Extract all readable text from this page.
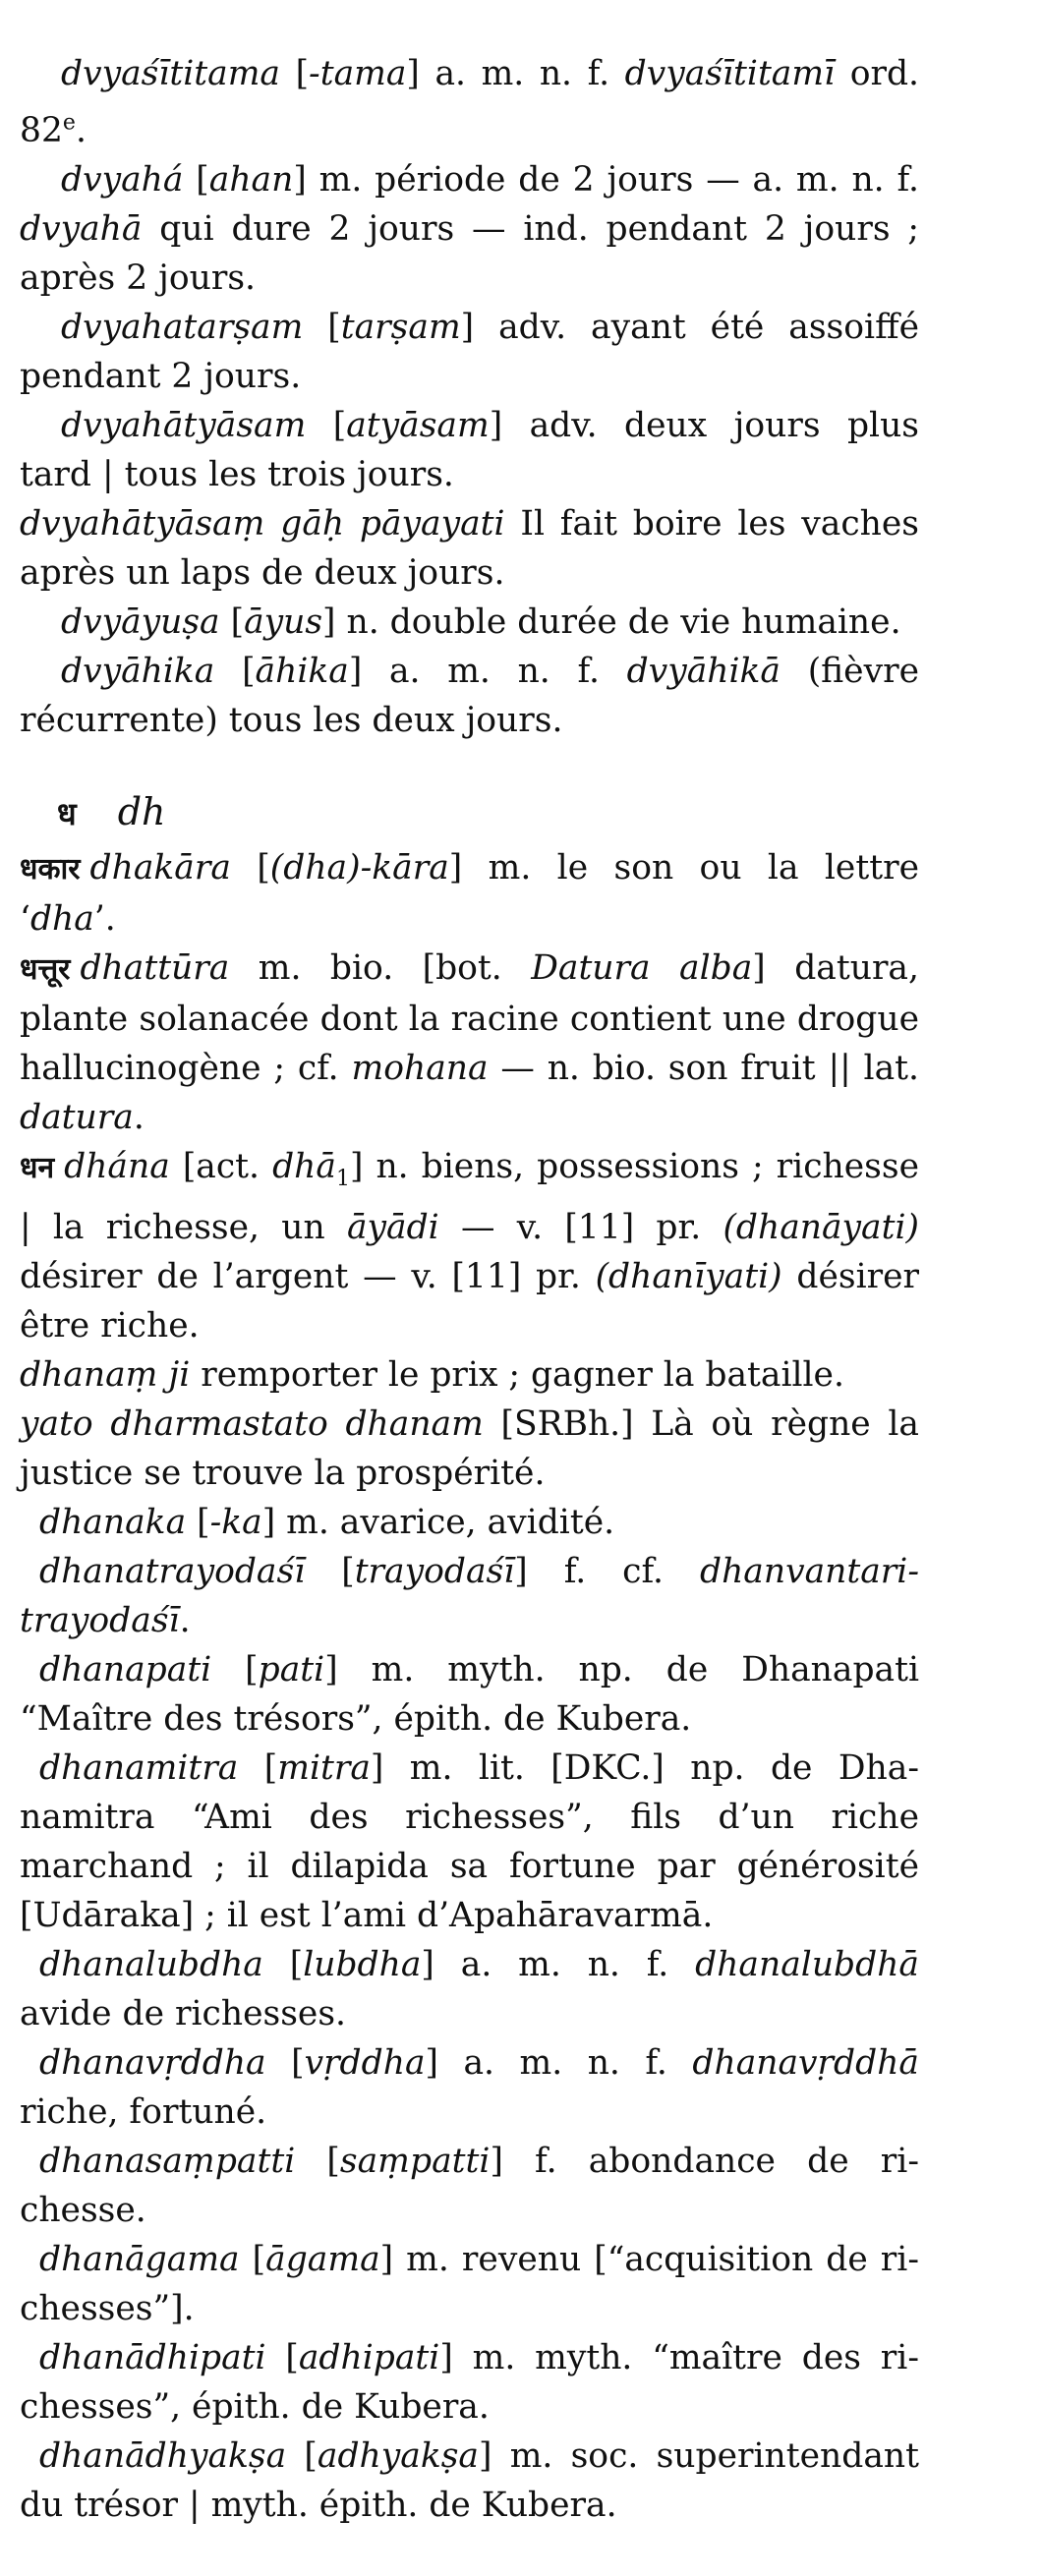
dvyaśītitama [-tama] a. m. n. f. dvyaśītitamī ord. 82e.

dvyahá [ahan] m. période de 2 jours — a. m. n. f. dvyahā qui dure 2 jours — ind. pendant 2 jours ; après 2 jours.

dvyahatarṣam [tarṣam] adv. ayant été assoiffé pendant 2 jours.

dvyahātyāsam [atyāsam] adv. deux jours plus tard | tous les trois jours.

dvyahātyāsaṃ gāḥ pāyayati Il fait boire les vaches après un laps de deux jours.

dvyāyuṣa [āyus] n. double durée de vie humaine.

dvyāhika [āhika] a. m. n. f. dvyāhikā (fièvre récurrente) tous les deux jours.

ध dh

धकार dhakāra [(dha)-kāra] m. le son ou la lettre ‘dha’.

धत्तूर dhattūra m. bio. [bot. Datura alba] datura, plante solanacée dont la racine contient une drogue hallucinogène ; cf. mohana — n. bio. son fruit || lat. datura.

धन dhána [act. dhā$_1$] n. biens, possessions ; richesse | la richesse, un āyādi — v. [11] pr. (dhanāyati) désirer de l’argent — v. [11] pr. (dhanīyati) désirer être riche.

dhanaṃ ji remporter le prix ; gagner la bataille.

yato dharmastato dhanam [SRBh.] Là où règne la justice se trouve la prospérité.

dhanaka [-ka] m. avarice, avidité.

dhanatrayodaśī [trayodaśī] f. cf. dhanvantari-trayodaśī.

dhanapati [pati] m. myth. np. de Dhanapati “Maître des trésors”, épith. de Kubera.

dhanamitra [mitra] m. lit. [DKC.] np. de Dha-namitra “Ami des richesses”, fils d’un riche marchand ; il dilapida sa fortune par générosité [Udāraka] ; il est l’ami d’Apahāravarmā.

dhanalubdha [lubdha] a. m. n. f. dhanalubdhā avide de richesses.

dhanavṛddha [vṛddha] a. m. n. f. dhanavṛddhā riche, fortuné.

dhanasaṃpatti [saṃpatti] f. abondance de ri-chesse.

dhanāgama [āgama] m. revenu [“acquisition de ri-chesses”].

dhanādhipati [adhipati] m. myth. “maître des ri-chesses”, épith. de Kubera.

dhanādhyakṣa [adhyakṣa] m. soc. superintendant du trésor | myth. épith. de Kubera.
